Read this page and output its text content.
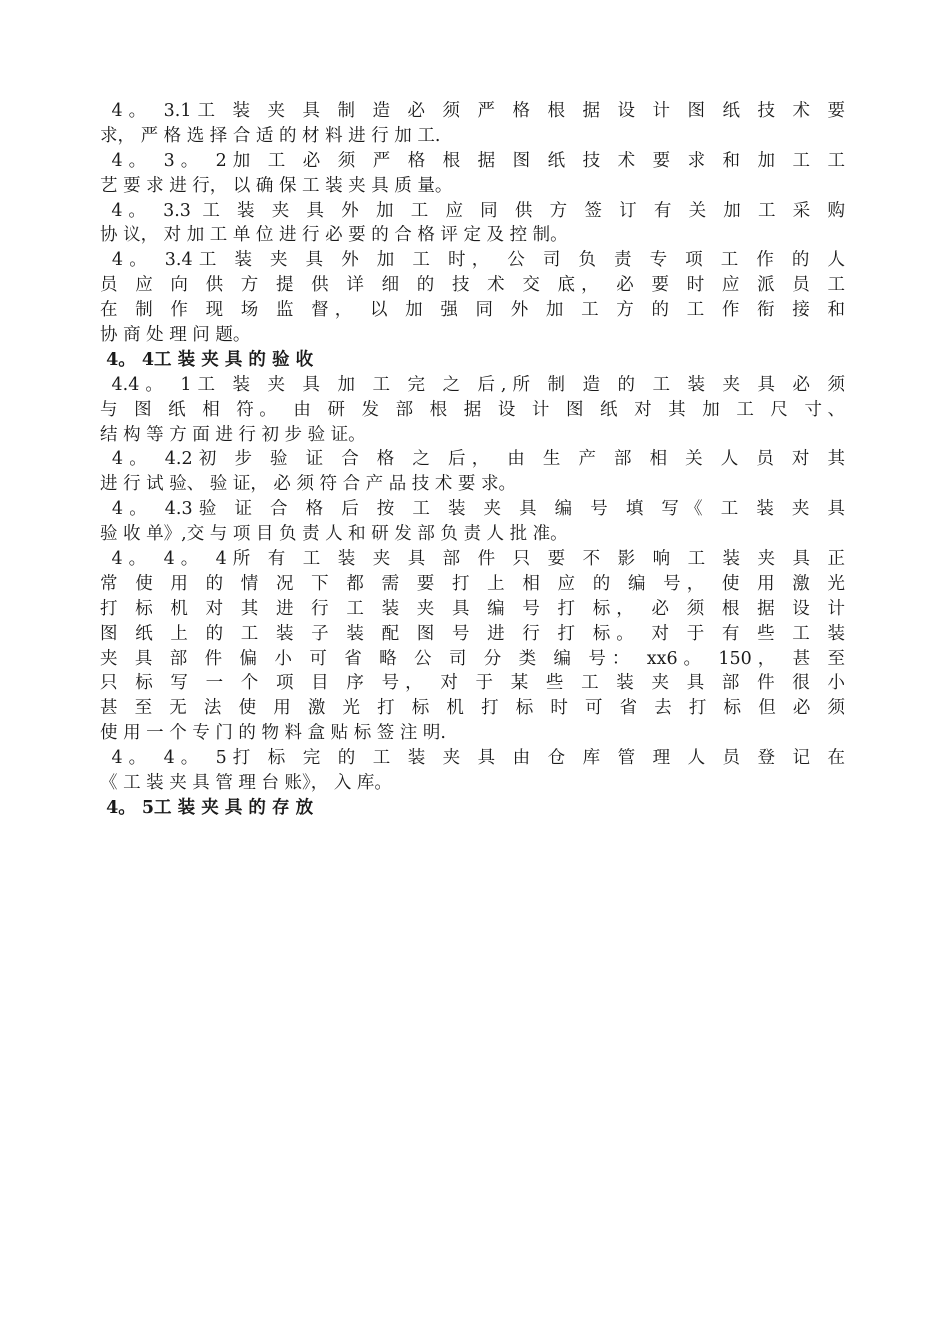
4。 3.1工 装 夹 具 制 造 必 须 严 格 根 据 设 计 图 纸 技 术 要
求， 严 格 选 择 合 适 的 材 料 进 行 加 工.
4。 3。 2加 工 必 须 严 格 根 据 图 纸 技 术 要 求 和 加 工 工
艺 要 求 进 行， 以 确 保 工 装 夹 具 质 量。
4。 3.3 工 装 夹 具 外 加 工 应 同 供 方 签 订 有 关 加 工 采 购
协 议， 对 加 工 单 位 进 行 必 要 的 合 格 评 定 及 控 制。
4。 3.4工 装 夹 具 外 加 工 时， 公 司 负 责 专 项 工 作 的 人
员 应 向 供 方 提 供 详 细 的 技 术 交 底， 必 要 时 应 派 员 工
在 制 作 现 场 监 督， 以 加 强 同 外 加 工 方 的 工 作 衔 接 和
协 商 处 理 问 题。
4。 4工 装 夹 具 的 验 收
4.4。 1工 装 夹 具 加 工 完 之 后,所 制 造 的 工 装 夹 具 必 须
与 图 纸 相 符。 由 研 发 部 根 据 设 计 图 纸 对 其 加 工 尺 寸、
结 构 等 方 面 进 行 初 步 验 证。
4。 4.2初 步 验 证 合 格 之 后， 由 生 产 部 相 关 人 员 对 其
进 行 试 验、 验 证， 必 须 符 合 产 品 技 术 要 求。
4。 4.3验 证 合 格 后 按 工 装 夹 具 编 号 填 写《 工 装 夹 具
验 收 单》,交 与 项 目 负 责 人 和 研 发 部 负 责 人 批 准。
4。 4。 4所 有 工 装 夹 具 部 件 只 要 不 影 响 工 装 夹 具 正
常 使 用 的 情 况 下 都 需 要 打 上 相 应 的 编 号， 使 用 激 光
打 标 机 对 其 进 行 工 装 夹 具 编 号 打 标， 必 须 根 据 设 计
图 纸 上 的 工 装 子 装 配 图 号 进 行 打 标。 对 于 有 些 工 装
夹 具 部 件 偏 小 可 省 略 公 司 分 类 编 号： xx6。 150， 甚 至
只 标 写 一 个 项 目 序 号， 对 于 某 些 工 装 夹 具 部 件 很 小
甚 至 无 法 使 用 激 光 打 标 机 打 标 时 可 省 去 打 标 但 必 须
使 用 一 个 专 门 的 物 料 盒 贴 标 签 注 明.
4。 4。 5打 标 完 的 工 装 夹 具 由 仓 库 管 理 人 员 登 记 在
《 工 装 夹 具 管 理 台 账》， 入 库。
4。 5工 装 夹 具 的 存 放
